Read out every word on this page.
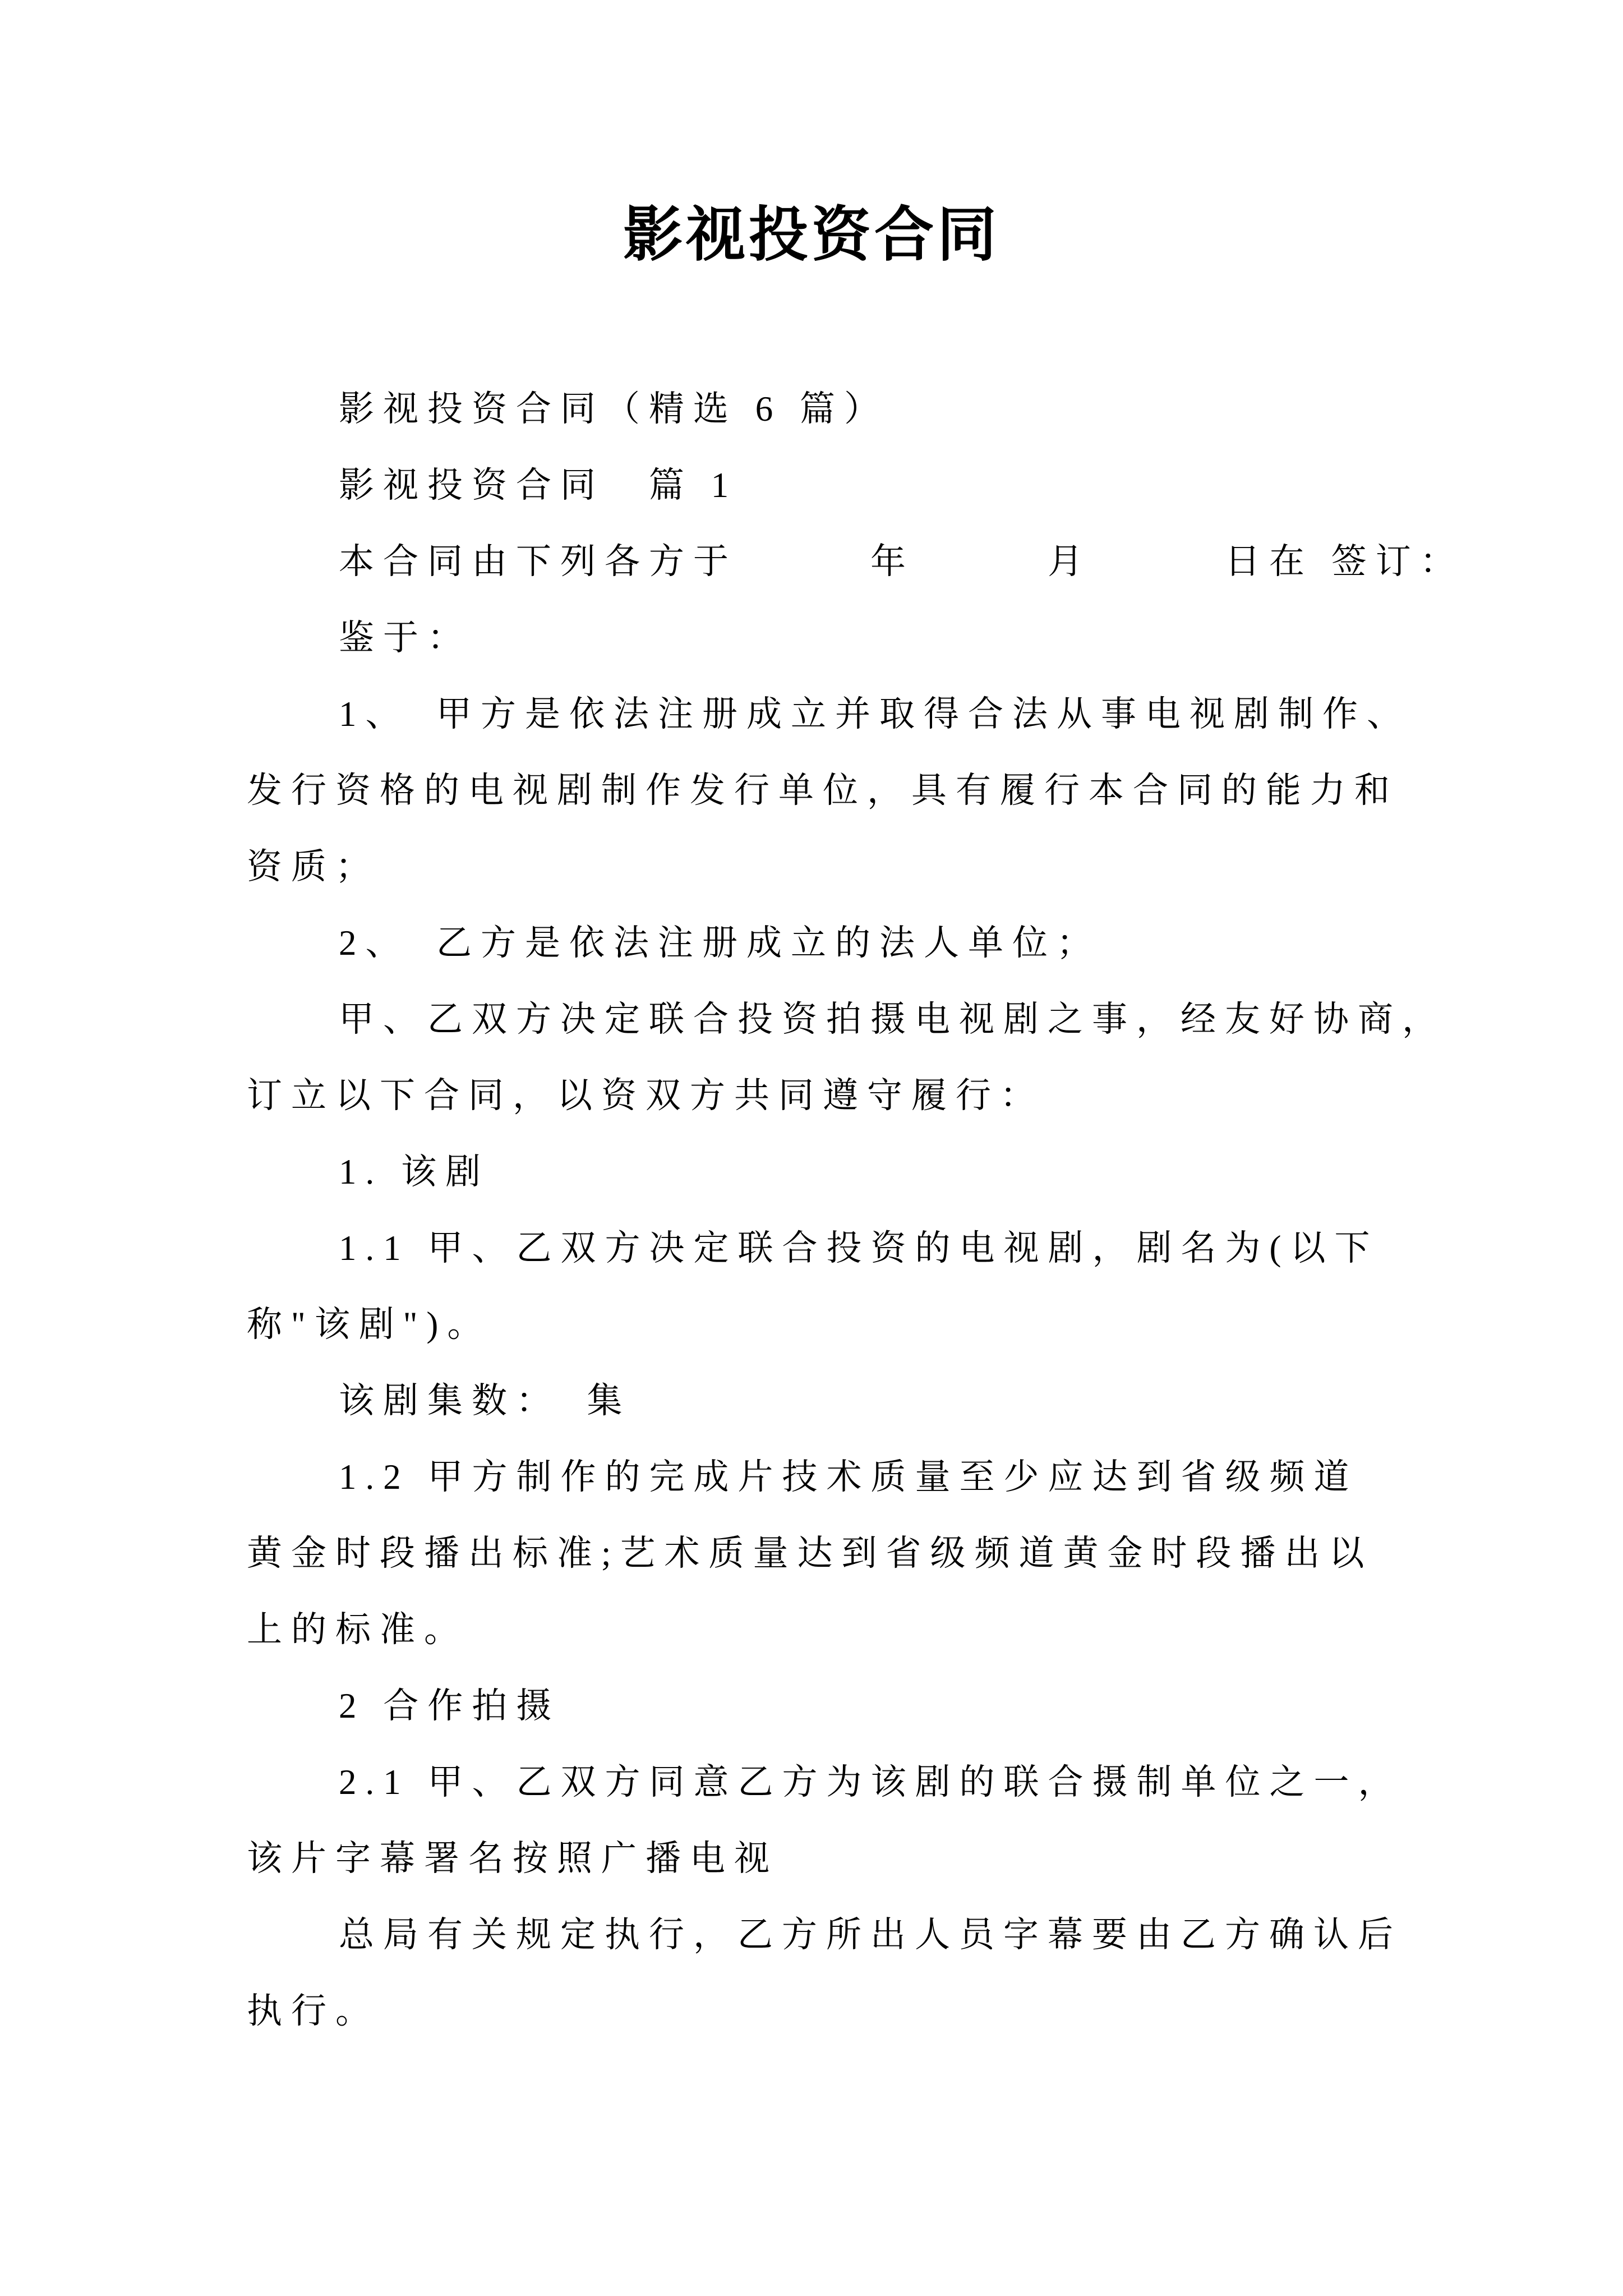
影视投资合同
影视投资合同（精选 6 篇）
影视投资合同　篇 1
本合同由下列各方于　　　年　　　月　　　日在 签订：
鉴于：
1、　甲方是依法注册成立并取得合法从事电视剧制作、
发行资格的电视剧制作发行单位，具有履行本合同的能力和
资质；
2、　乙方是依法注册成立的法人单位；
甲、乙双方决定联合投资拍摄电视剧之事，经友好协商，
订立以下合同，以资双方共同遵守履行：
1. 该剧
1.1 甲、乙双方决定联合投资的电视剧，剧名为(以下
称"该剧")。
该剧集数：　集
1.2 甲方制作的完成片技术质量至少应达到省级频道
黄金时段播出标准;艺术质量达到省级频道黄金时段播出以
上的标准。
2 合作拍摄
2.1 甲、乙双方同意乙方为该剧的联合摄制单位之一，
该片字幕署名按照广播电视
总局有关规定执行，乙方所出人员字幕要由乙方确认后
执行。
